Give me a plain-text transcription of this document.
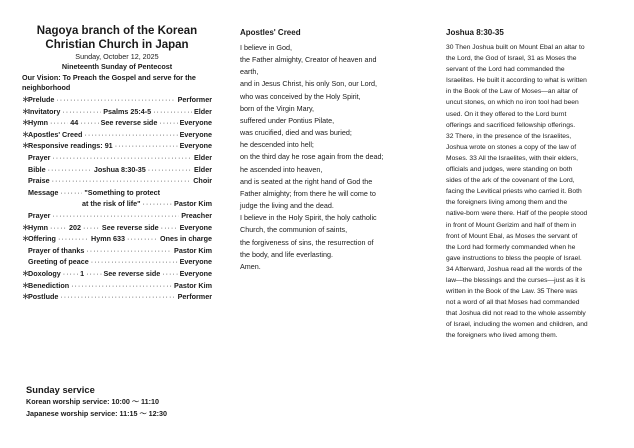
Nagoya branch of the Korean
Christian Church in Japan
Sunday, October 12, 2025
Nineteenth Sunday of Pentecost
Our Vision: To Preach the Gospel and serve for the neighborhood
＊
Prelude ·····	Performer
＊
Invitatory ·····	Psalms 25:4-5 ·····	Elder
＊
Hymn ·····	44 ·····	See reverse side ·····	Everyone
＊
Apostles' Creed ·····	Everyone
＊
Responsive readings: 91 ·····	Everyone
Prayer ·····	Elder
Bible ·····	Joshua 8:30-35 ·····	Elder
Praise ·····	Choir
Message ·····	"Something to protect
at the risk of life" ·····	Pastor Kim
Prayer ·····	Preacher
＊
Hymn ·····	202 ·····	See reverse side ·····	Everyone
＊
Offering ·····	Hymn 633 ·····	Ones in charge
Prayer of thanks ·····	Pastor Kim
Greeting of peace ·····	Everyone
＊
Doxology ·····	1 ·····	See reverse side ·····	Everyone
＊
Benediction ·····	Pastor Kim
＊
Postlude ·····	Performer
Sunday service
Korean worship service: 10:00 ～ 11:10
Japanese worship service: 11:15 ～ 12:30
Apostles' Creed
I believe in God,
the Father almighty, Creator of heaven and
earth,
and in Jesus Christ, his only Son, our Lord,
who was conceived by the Holy Spirit,
born of the Virgin Mary,
suffered under Pontius Pilate,
was crucified, died and was buried;
he descended into hell;
on the third day he rose again from the dead;
he ascended into heaven,
and is seated at the right hand of God the
Father almighty; from there he will come to
judge the living and the dead.
I believe in the Holy Spirit, the holy catholic
Church, the communion of saints,
the forgiveness of sins, the resurrection of
the body, and life everlasting.
Amen.
Joshua 8:30-35
30 Then Joshua built on Mount Ebal an altar to
the Lord, the God of Israel, 31 as Moses the
servant of the Lord had commanded the
Israelites. He built it according to what is written
in the Book of the Law of Moses—an altar of
uncut stones, on which no iron tool had been
used. On it they offered to the Lord burnt
offerings and sacrificed fellowship offerings.
32 There, in the presence of the Israelites,
Joshua wrote on stones a copy of the law of
Moses. 33 All the Israelites, with their elders,
officials and judges, were standing on both
sides of the ark of the covenant of the Lord,
facing the Levitical priests who carried it. Both
the foreigners living among them and the
native-born were there. Half of the people stood
in front of Mount Gerizim and half of them in
front of Mount Ebal, as Moses the servant of
the Lord had formerly commanded when he
gave instructions to bless the people of Israel.
34 Afterward, Joshua read all the words of the
law—the blessings and the curses—just as it is
written in the Book of the Law. 35 There was
not a word of all that Moses had commanded
that Joshua did not read to the whole assembly
of Israel, including the women and children, and
the foreigners who lived among them.
